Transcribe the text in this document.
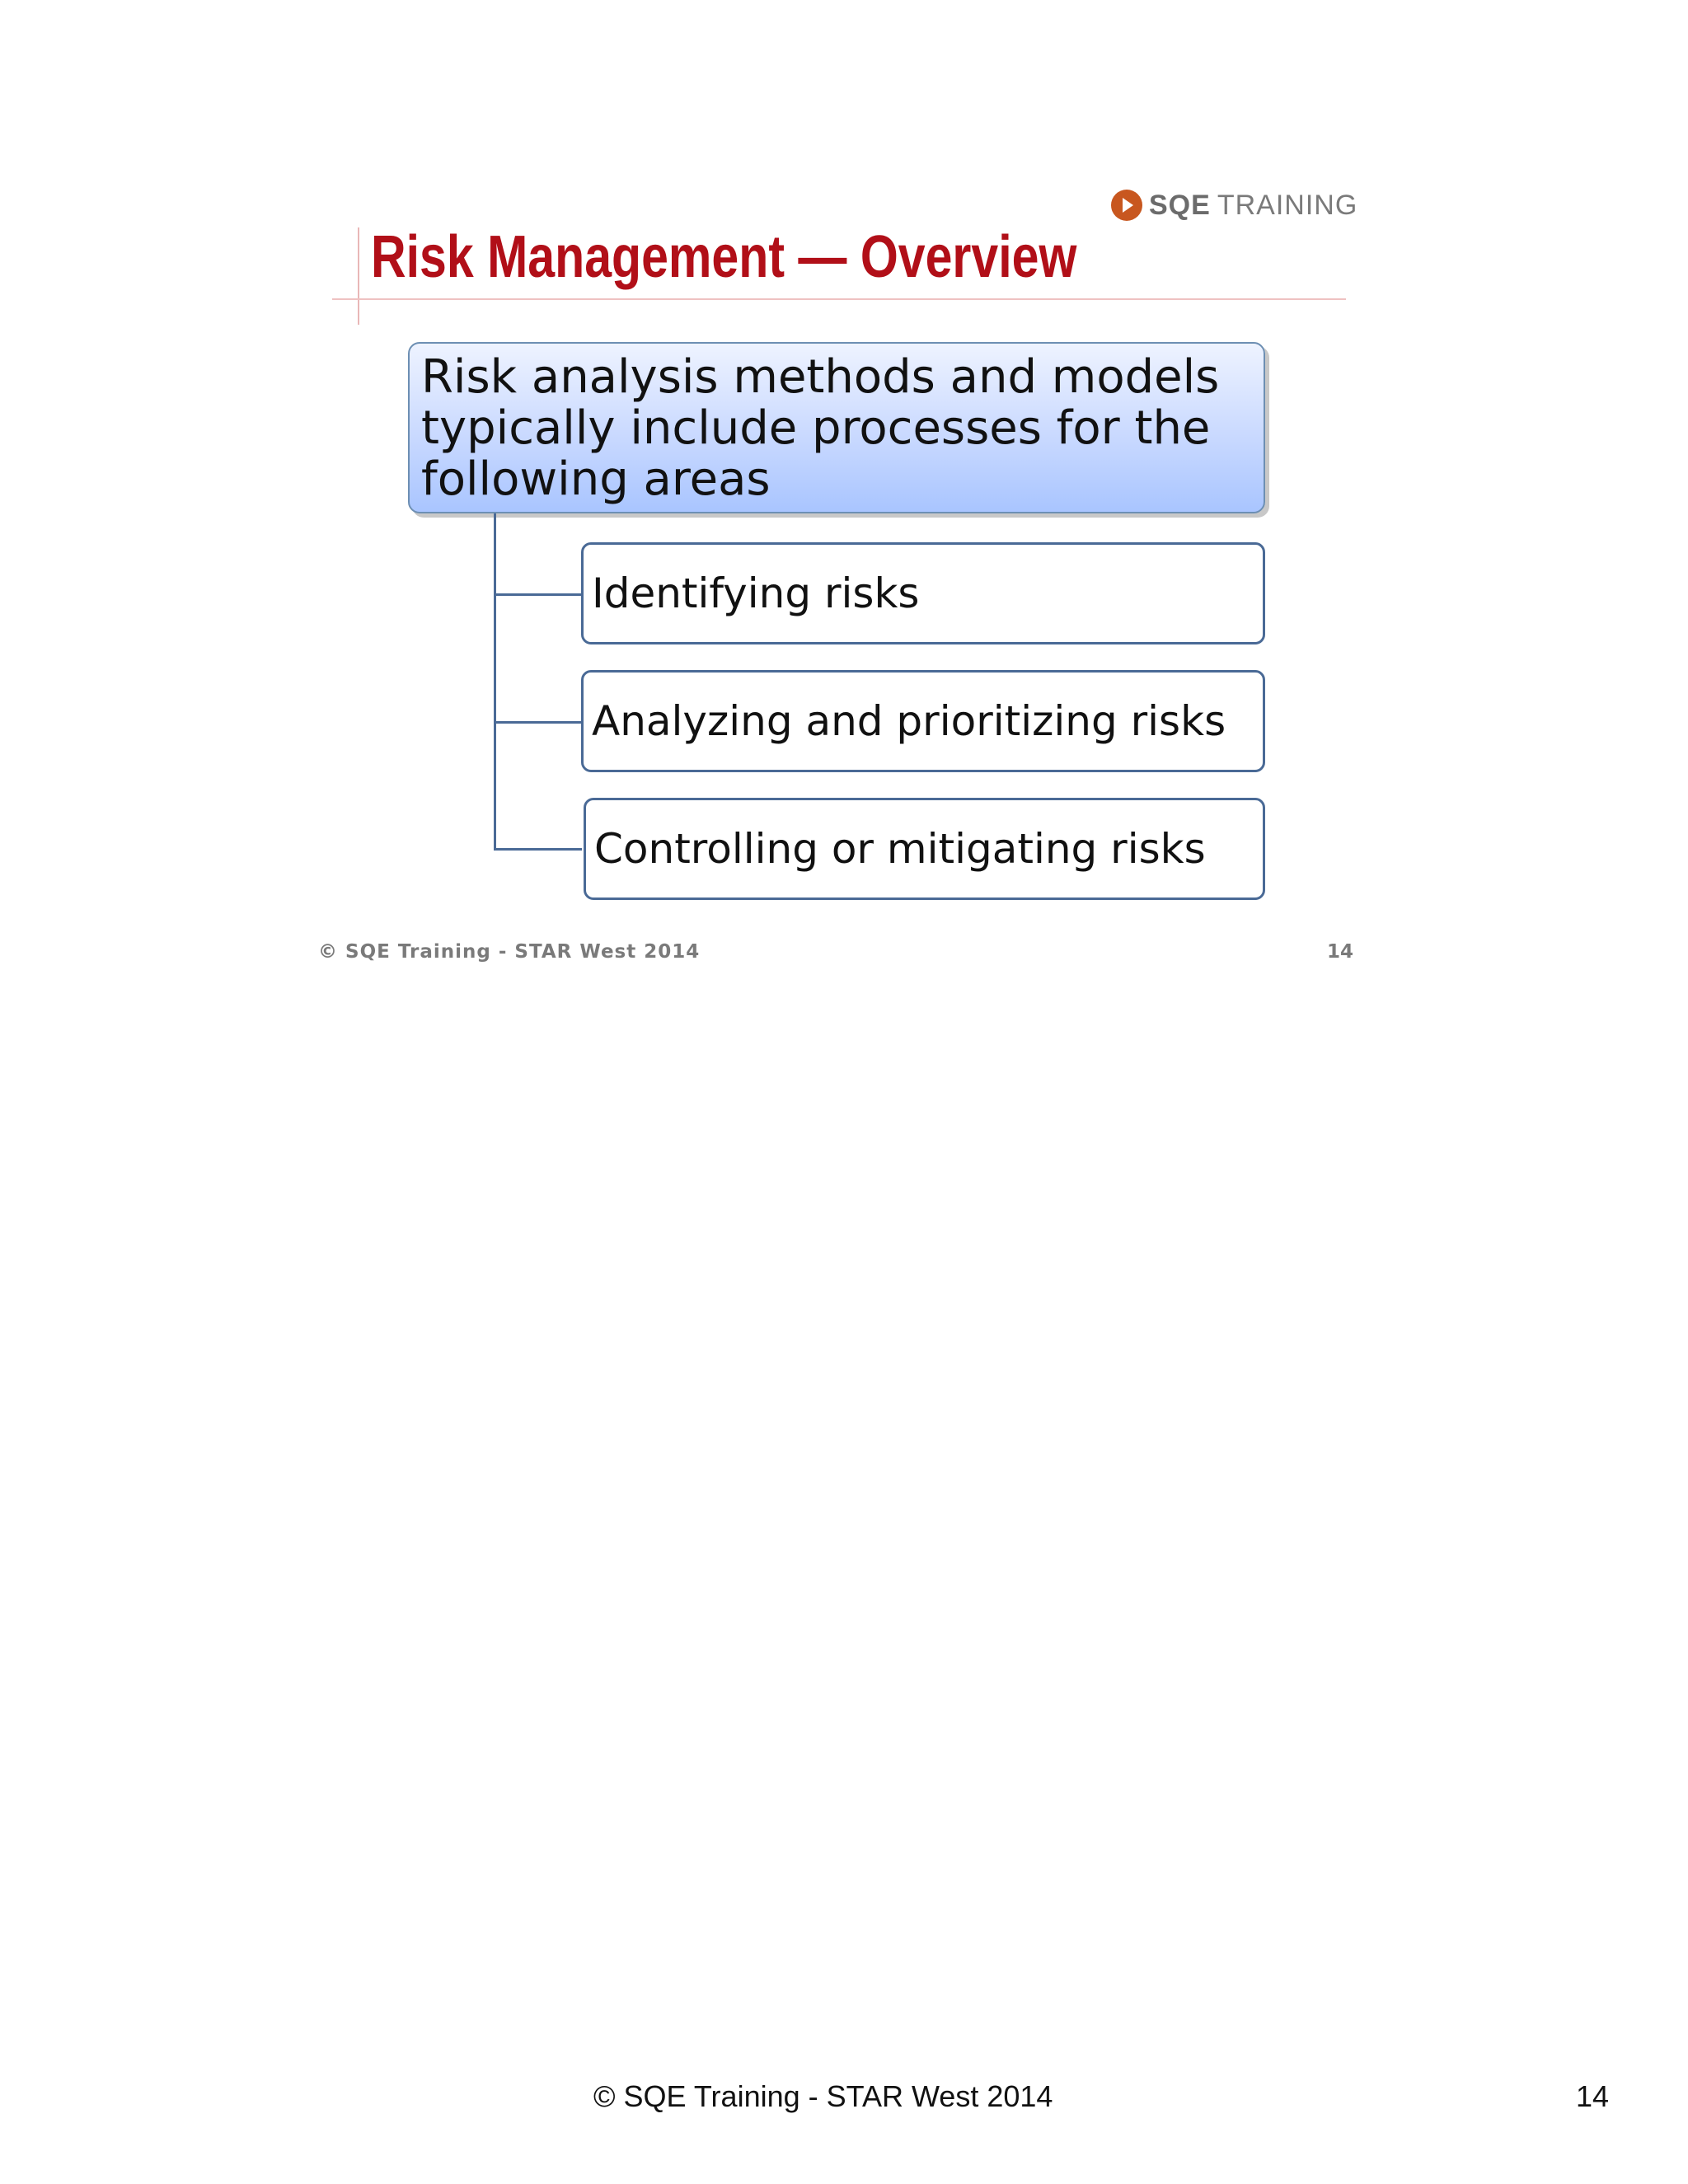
SQE TRAINING
Risk Management — Overview
Risk analysis methods and models typically include processes for the following areas
Identifying risks
Analyzing and prioritizing risks
Controlling or mitigating risks
© SQE Training - STAR West 2014	14
© SQE Training - STAR West 2014	14
